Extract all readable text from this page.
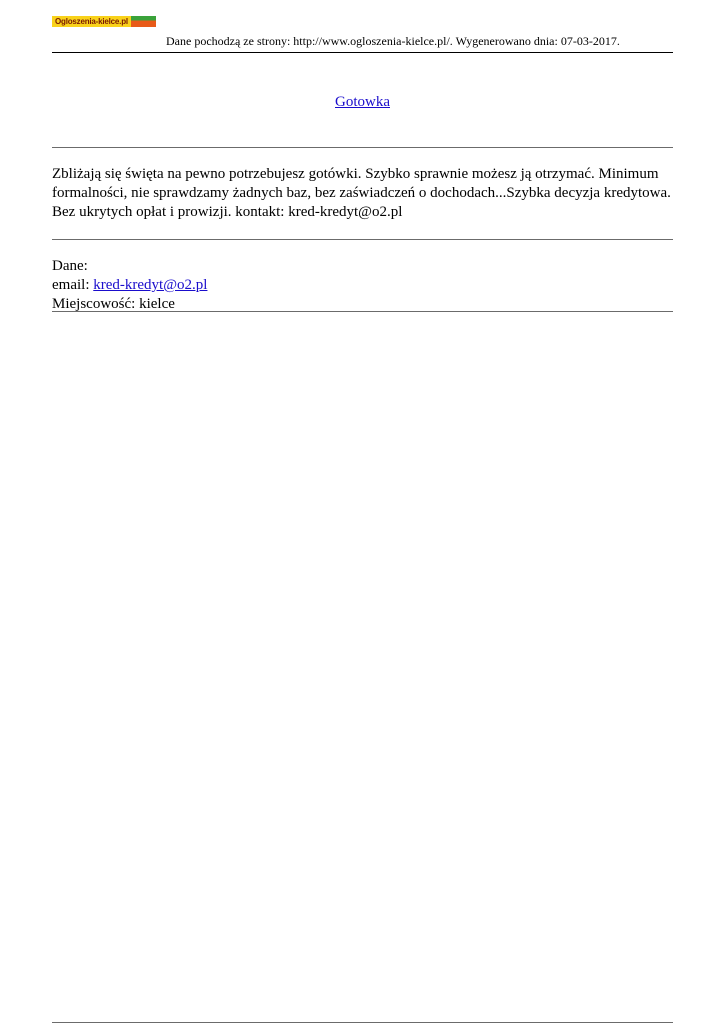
Ogloszenia-kielce.pl
Dane pochodzą ze strony: http://www.ogloszenia-kielce.pl/. Wygenerowano dnia: 07-03-2017.
Gotowka

Zbliżają się święta na pewno potrzebujesz gotówki. Szybko sprawnie możesz ją otrzymać. Minimum formalności, nie sprawdzamy żadnych baz, bez zaświadczeń o dochodach...Szybka decyzja kredytowa. Bez ukrytych opłat i prowizji. kontakt: kred-kredyt@o2.pl

Dane:
email: kred-kredyt@o2.pl
Miejscowość: kielce
